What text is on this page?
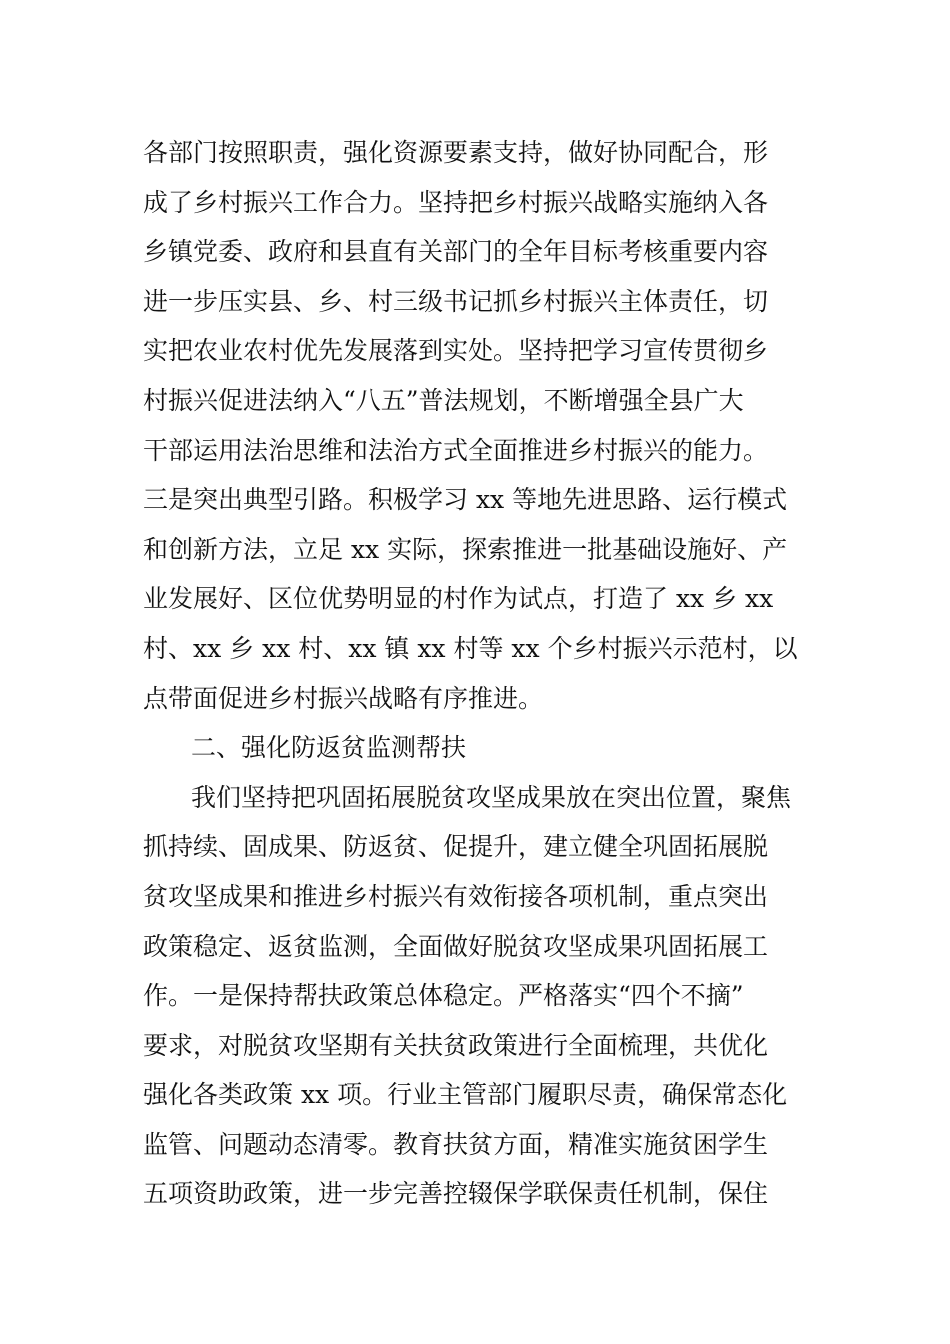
各部门按照职责，强化资源要素支持，做好协同配合，形
成了乡村振兴工作合力。坚持把乡村振兴战略实施纳入各
乡镇党委、政府和县直有关部门的全年目标考核重要内容
进一步压实县、乡、村三级书记抓乡村振兴主体责任，切
实把农业农村优先发展落到实处。坚持把学习宣传贯彻乡
村振兴促进法纳入“八五”普法规划，不断增强全县广大
干部运用法治思维和法治方式全面推进乡村振兴的能力。
三是突出典型引路。积极学习 xx 等地先进思路、运行模式
和创新方法，立足 xx 实际，探索推进一批基础设施好、产
业发展好、区位优势明显的村作为试点，打造了 xx 乡 xx
村、xx 乡 xx 村、xx 镇 xx 村等 xx 个乡村振兴示范村，以
点带面促进乡村振兴战略有序推进。
二、强化防返贫监测帮扶
我们坚持把巩固拓展脱贫攻坚成果放在突出位置，聚焦
抓持续、固成果、防返贫、促提升，建立健全巩固拓展脱
贫攻坚成果和推进乡村振兴有效衔接各项机制，重点突出
政策稳定、返贫监测，全面做好脱贫攻坚成果巩固拓展工
作。一是保持帮扶政策总体稳定。严格落实“四个不摘”
要求，对脱贫攻坚期有关扶贫政策进行全面梳理，共优化
强化各类政策 xx 项。行业主管部门履职尽责，确保常态化
监管、问题动态清零。教育扶贫方面，精准实施贫困学生
五项资助政策，进一步完善控辍保学联保责任机制，保住
